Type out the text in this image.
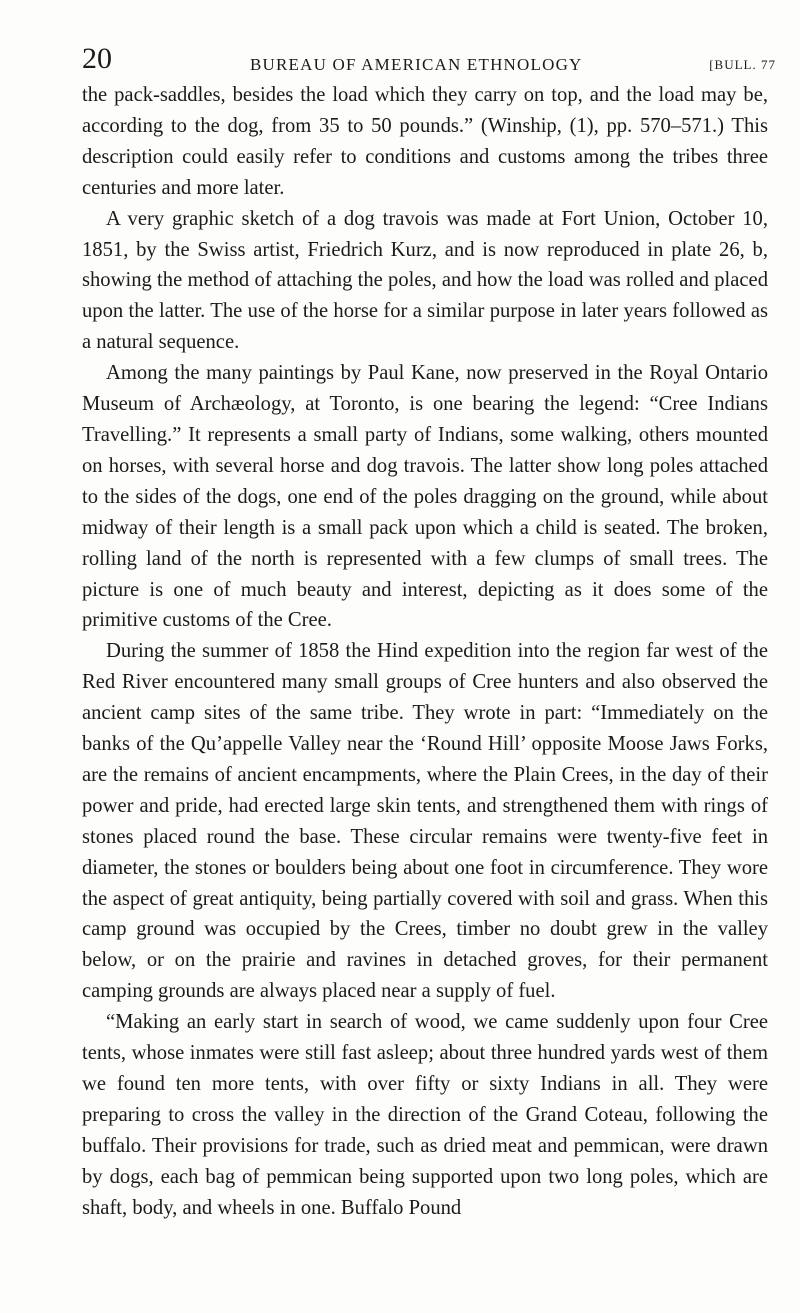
20	BUREAU OF AMERICAN ETHNOLOGY	[BULL. 77

the pack-saddles, besides the load which they carry on top, and the load may be, according to the dog, from 35 to 50 pounds.” (Winship, (1), pp. 570–571.) This description could easily refer to conditions and customs among the tribes three centuries and more later.

A very graphic sketch of a dog travois was made at Fort Union, October 10, 1851, by the Swiss artist, Friedrich Kurz, and is now reproduced in plate 26, b, showing the method of attaching the poles, and how the load was rolled and placed upon the latter. The use of the horse for a similar purpose in later years followed as a natural sequence.

Among the many paintings by Paul Kane, now preserved in the Royal Ontario Museum of Archæology, at Toronto, is one bearing the legend: “Cree Indians Travelling.” It represents a small party of Indians, some walking, others mounted on horses, with several horse and dog travois. The latter show long poles attached to the sides of the dogs, one end of the poles dragging on the ground, while about midway of their length is a small pack upon which a child is seated. The broken, rolling land of the north is represented with a few clumps of small trees. The picture is one of much beauty and interest, depicting as it does some of the primitive customs of the Cree.

During the summer of 1858 the Hind expedition into the region far west of the Red River encountered many small groups of Cree hunters and also observed the ancient camp sites of the same tribe. They wrote in part: “Immediately on the banks of the Qu’appelle Valley near the ‘Round Hill’ opposite Moose Jaws Forks, are the remains of ancient encampments, where the Plain Crees, in the day of their power and pride, had erected large skin tents, and strengthened them with rings of stones placed round the base. These circular remains were twenty-five feet in diameter, the stones or boulders being about one foot in circumference. They wore the aspect of great antiquity, being partially covered with soil and grass. When this camp ground was occupied by the Crees, timber no doubt grew in the valley below, or on the prairie and ravines in detached groves, for their permanent camping grounds are always placed near a supply of fuel.

“Making an early start in search of wood, we came suddenly upon four Cree tents, whose inmates were still fast asleep; about three hundred yards west of them we found ten more tents, with over fifty or sixty Indians in all. They were preparing to cross the valley in the direction of the Grand Coteau, following the buffalo. Their provisions for trade, such as dried meat and pemmican, were drawn by dogs, each bag of pemmican being supported upon two long poles, which are shaft, body, and wheels in one. Buffalo Pound
